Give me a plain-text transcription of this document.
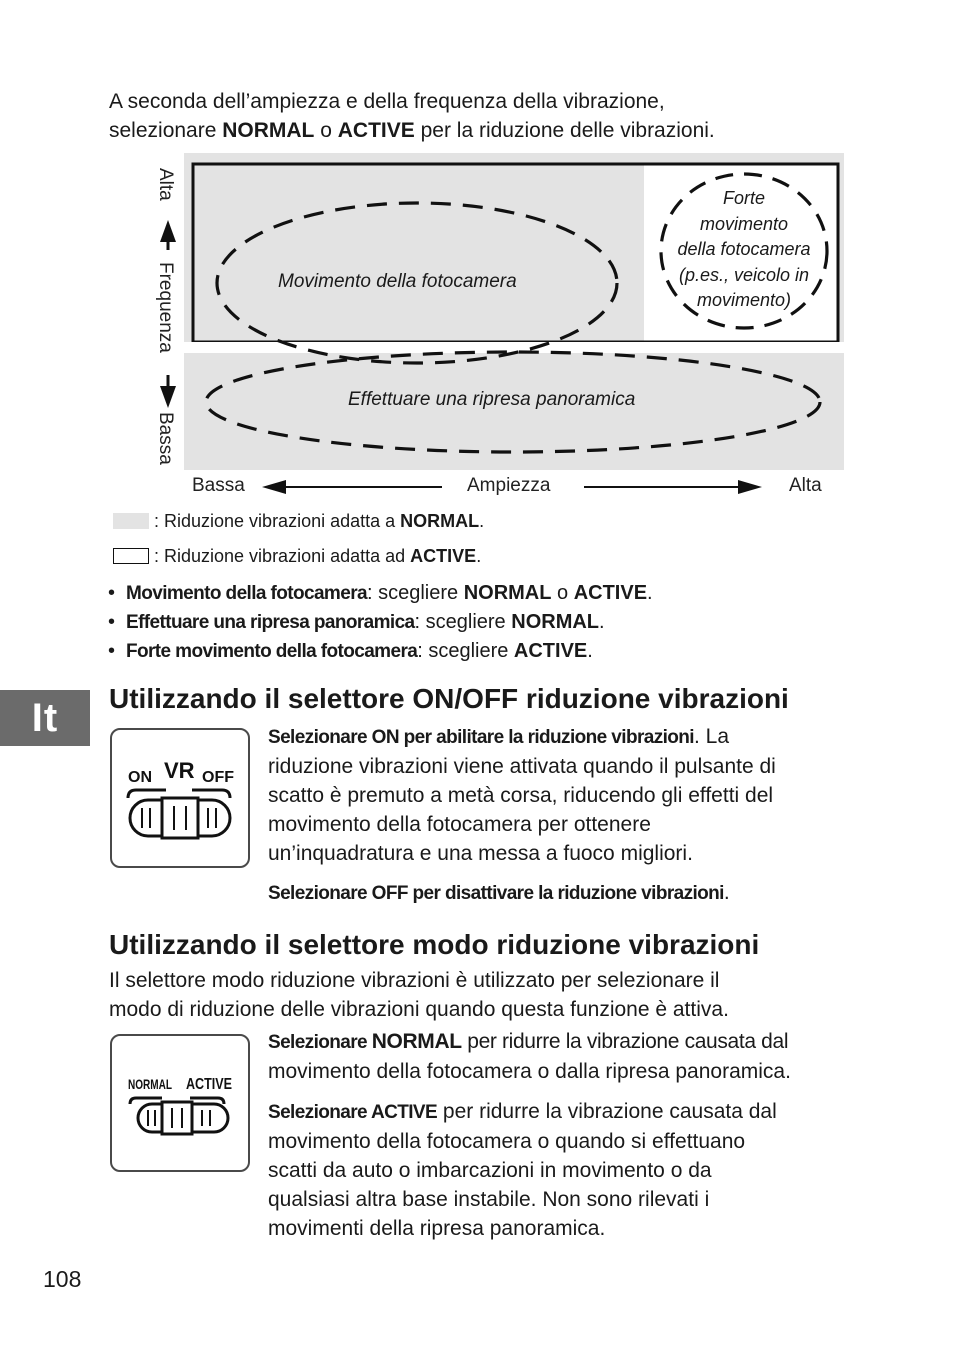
A seconda dell’ampiezza e della frequenza della vibrazione,
selezionare NORMAL o ACTIVE per la riduzione delle vibrazioni.
Alta
Frequenza
Bassa
Movimento della fotocamera
Effettuare una ripresa panoramica
Forte
movimento
della fotocamera
(p.es., veicolo in
movimento)
Bassa	Ampiezza	Alta
: Riduzione vibrazioni adatta a NORMAL.
: Riduzione vibrazioni adatta ad ACTIVE.
• Movimento della fotocamera: scegliere NORMAL o ACTIVE.
• Effettuare una ripresa panoramica: scegliere NORMAL.
• Forte movimento della fotocamera: scegliere ACTIVE.
It	Utilizzando il selettore ON/OFF riduzione vibrazioni
ON VR OFF
Selezionare ON per abilitare la riduzione vibrazioni. La
riduzione vibrazioni viene attivata quando il pulsante di
scatto è premuto a metà corsa, riducendo gli effetti del
movimento della fotocamera per ottenere
un’inquadratura e una messa a fuoco migliori.
Selezionare OFF per disattivare la riduzione vibrazioni.
Utilizzando il selettore modo riduzione vibrazioni
Il selettore modo riduzione vibrazioni è utilizzato per selezionare il
modo di riduzione delle vibrazioni quando questa funzione è attiva.
NORMAL ACTIVE
Selezionare NORMAL per ridurre la vibrazione causata dal
movimento della fotocamera o dalla ripresa panoramica.
Selezionare ACTIVE per ridurre la vibrazione causata dal
movimento della fotocamera o quando si effettuano
scatti da auto o imbarcazioni in movimento o da
qualsiasi altra base instabile. Non sono rilevati i
movimenti della ripresa panoramica.
108
